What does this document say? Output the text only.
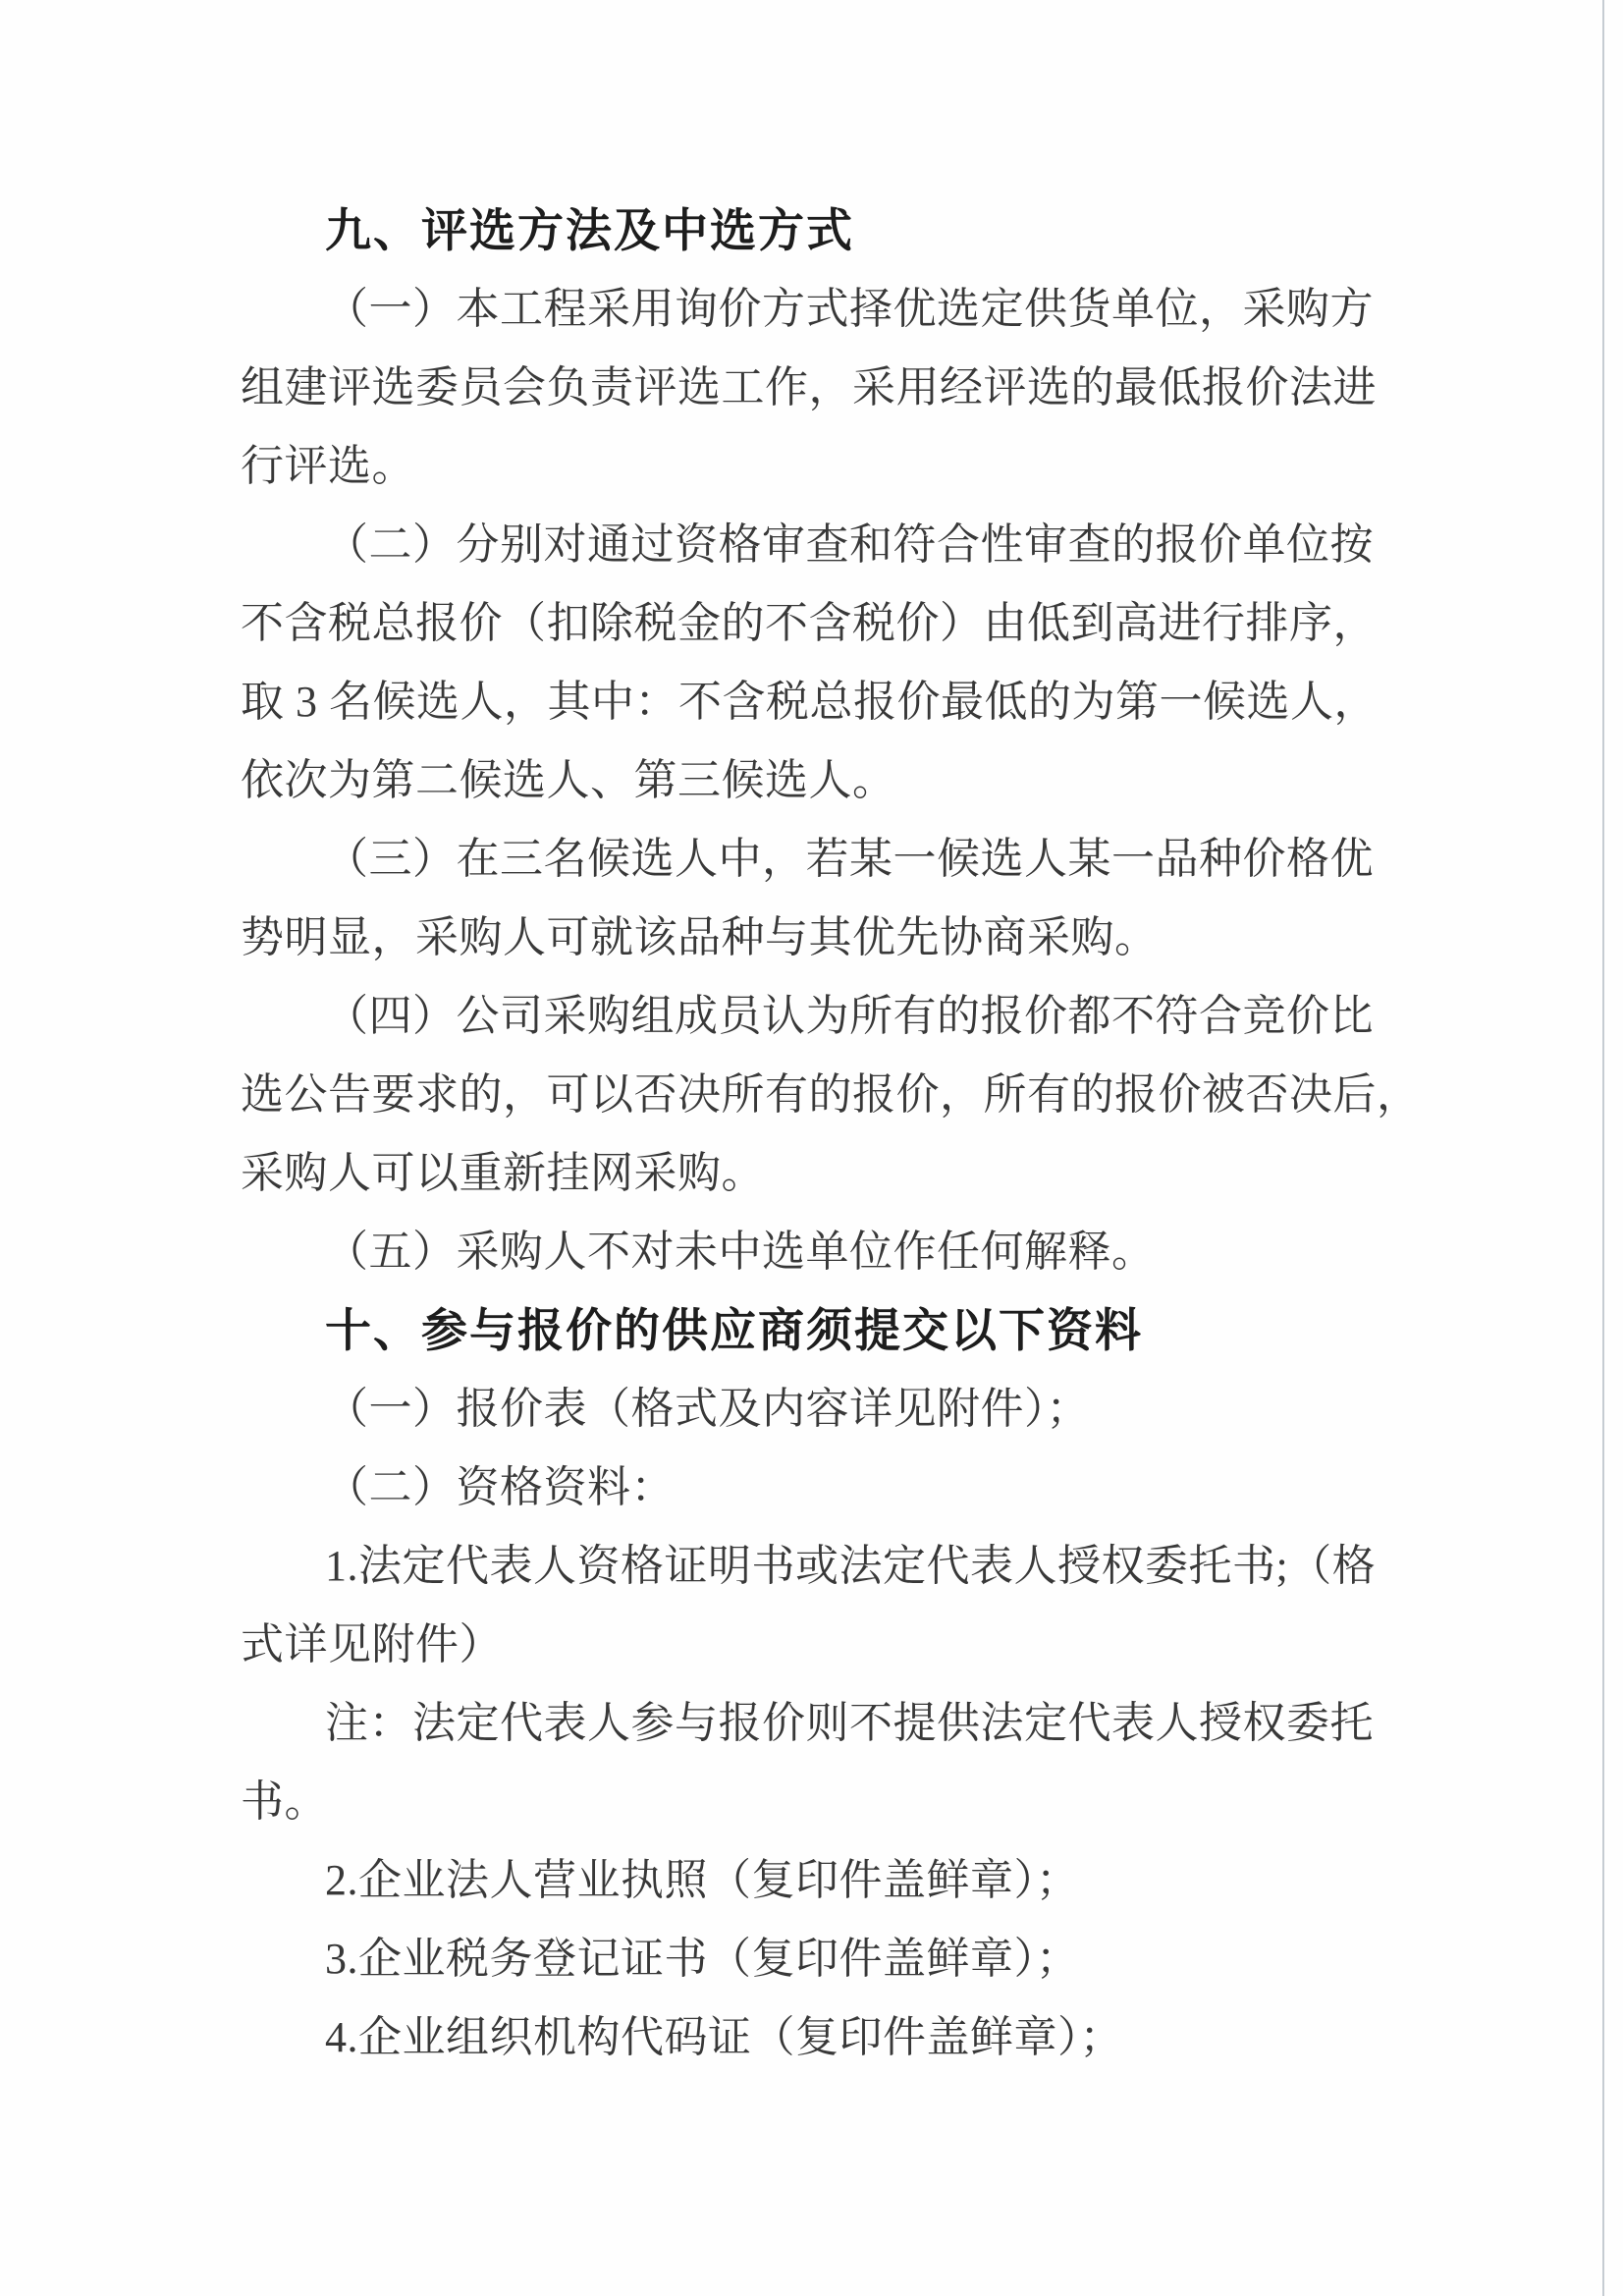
九、评选方法及中选方式
（一）本工程采用询价方式择优选定供货单位，采购方
组建评选委员会负责评选工作，采用经评选的最低报价法进
行评选。
（二）分别对通过资格审查和符合性审查的报价单位按
不含税总报价（扣除税金的不含税价）由低到高进行排序，
取 3 名候选人，其中：不含税总报价最低的为第一候选人，
依次为第二候选人、第三候选人。
（三）在三名候选人中，若某一候选人某一品种价格优
势明显，采购人可就该品种与其优先协商采购。
（四）公司采购组成员认为所有的报价都不符合竞价比
选公告要求的，可以否决所有的报价，所有的报价被否决后，
采购人可以重新挂网采购。
（五）采购人不对未中选单位作任何解释。
十、参与报价的供应商须提交以下资料
（一）报价表（格式及内容详见附件）；
（二）资格资料：
1.法定代表人资格证明书或法定代表人授权委托书;（格
式详见附件）
注：法定代表人参与报价则不提供法定代表人授权委托
书。
2.企业法人营业执照（复印件盖鲜章）；
3.企业税务登记证书（复印件盖鲜章）；
4.企业组织机构代码证（复印件盖鲜章）；
